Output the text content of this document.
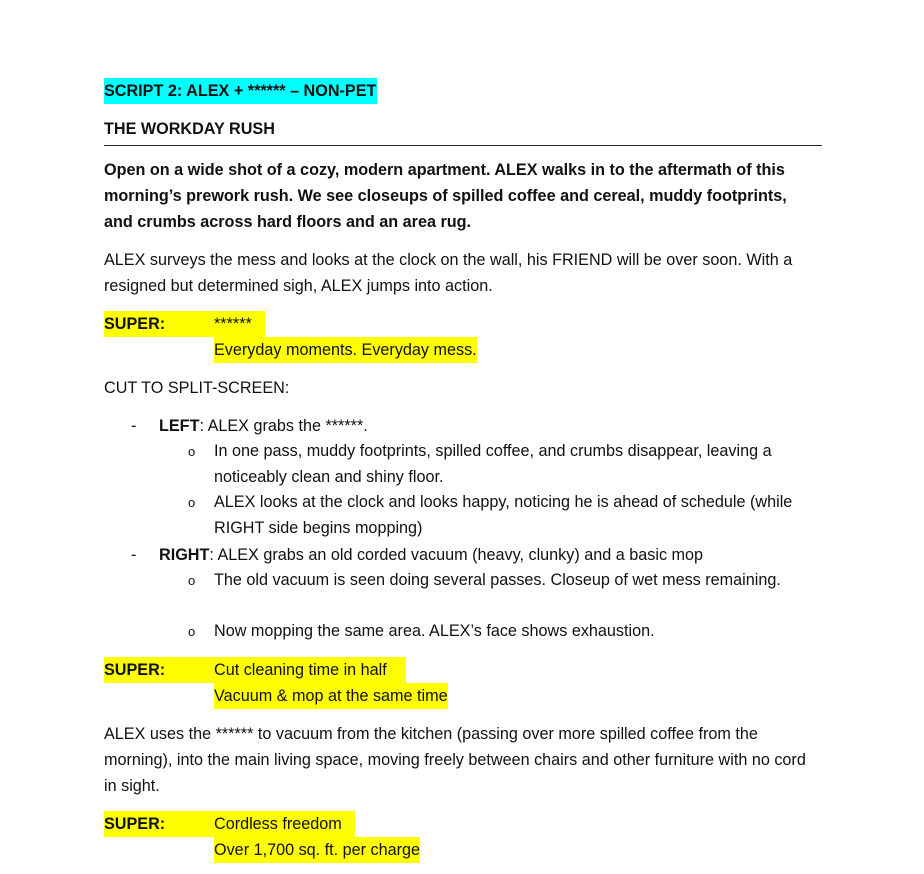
SCRIPT 2: ALEX + ****** – NON-PET
THE WORKDAY RUSH

Open on a wide shot of a cozy, modern apartment. ALEX walks in to the aftermath of this morning’s prework rush. We see closeups of spilled coffee and cereal, muddy footprints, and crumbs across hard floors and an area rug.

ALEX surveys the mess and looks at the clock on the wall, his FRIEND will be over soon. With a resigned but determined sigh, ALEX jumps into action.

SUPER:	******
Everyday moments. Everyday mess.
CUT TO SPLIT-SCREEN:
- LEFT: ALEX grabs the ******.
o In one pass, muddy footprints, spilled coffee, and crumbs disappear, leaving a noticeably clean and shiny floor.
o ALEX looks at the clock and looks happy, noticing he is ahead of schedule (while RIGHT side begins mopping)
- RIGHT: ALEX grabs an old corded vacuum (heavy, clunky) and a basic mop
o The old vacuum is seen doing several passes. Closeup of wet mess remaining.
o Now mopping the same area. ALEX’s face shows exhaustion.
SUPER:	Cut cleaning time in half
Vacuum & mop at the same time

ALEX uses the ****** to vacuum from the kitchen (passing over more spilled coffee from the morning), into the main living space, moving freely between chairs and other furniture with no cord in sight.

SUPER:	Cordless freedom
Over 1,700 sq. ft. per charge
